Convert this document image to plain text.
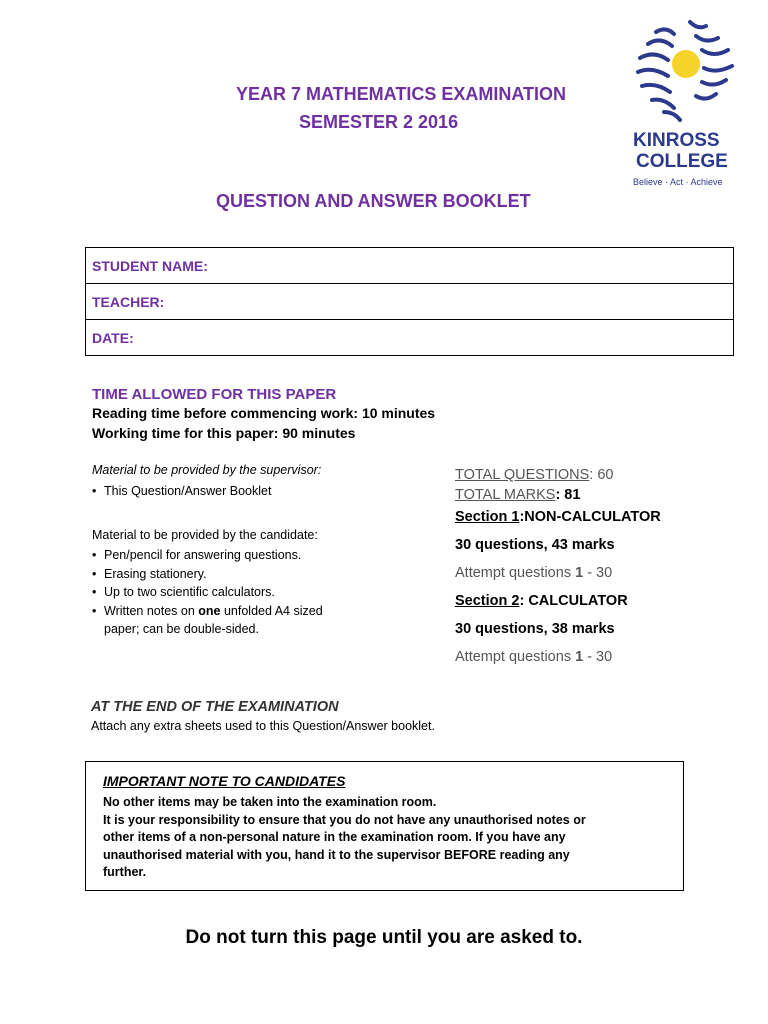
YEAR 7 MATHEMATICS EXAMINATION
SEMESTER 2 2016
QUESTION AND ANSWER BOOKLET
KINROSS
COLLEGE
Believe · Act · Achieve
STUDENT NAME:
TEACHER:
DATE:
TIME ALLOWED FOR THIS PAPER
Reading time before commencing work: 10 minutes
Working time for this paper: 90 minutes
Material to be provided by the supervisor:
• This Question/Answer Booklet
Material to be provided by the candidate:
• Pen/pencil for answering questions.
• Erasing stationery.
• Up to two scientific calculators.
• Written notes on one unfolded A4 sized
paper; can be double-sided.
TOTAL QUESTIONS: 60
TOTAL MARKS: 81
Section 1:NON-CALCULATOR
30 questions, 43 marks
Attempt questions 1 - 30
Section 2: CALCULATOR
30 questions, 38 marks
Attempt questions 1 - 30
AT THE END OF THE EXAMINATION
Attach any extra sheets used to this Question/Answer booklet.
IMPORTANT NOTE TO CANDIDATES
No other items may be taken into the examination room.
It is your responsibility to ensure that you do not have any unauthorised notes or
other items of a non-personal nature in the examination room. If you have any
unauthorised material with you, hand it to the supervisor BEFORE reading any
further.
Do not turn this page until you are asked to.
